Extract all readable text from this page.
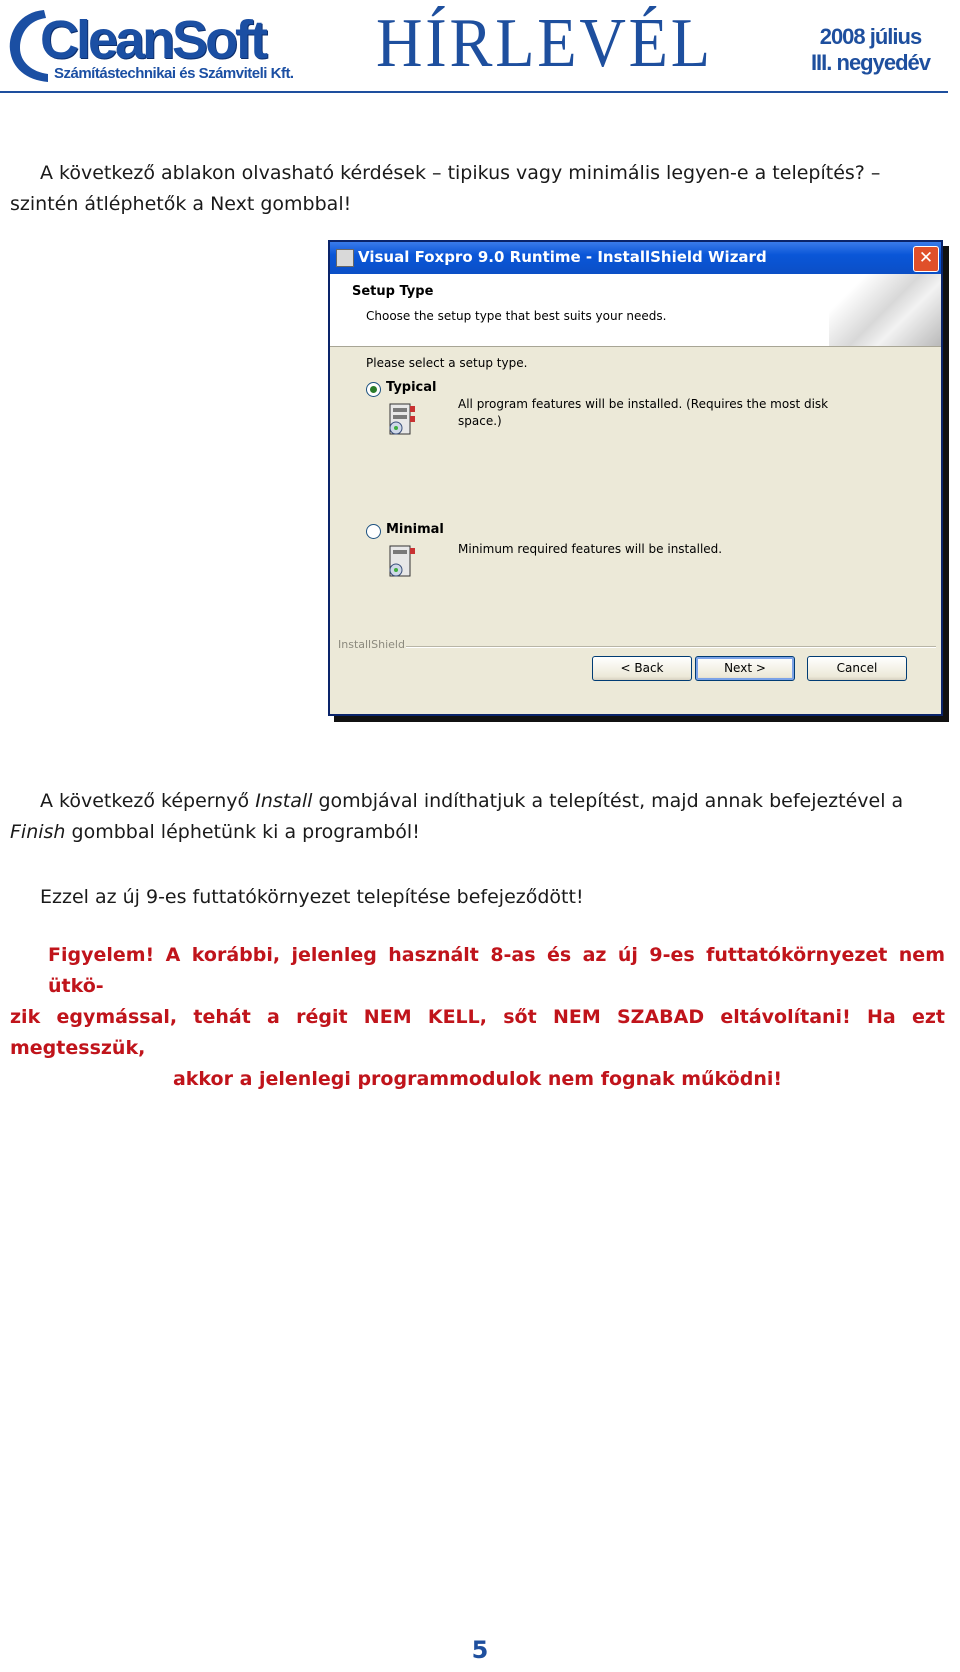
CleanSoft
Számítástechnikai és Számviteli Kft. HÍRLEVÉL	2008 július
III. negyedév
A következő ablakon olvasható kérdések – tipikus vagy minimális legyen-e a telepítés? – szintén átléphetők a Next gombbal!
Visual Foxpro 9.0 Runtime - InstallShield Wizard	✕
Setup Type
Choose the setup type that best suits your needs.
Please select a setup type.
Typical
All program features will be installed. (Requires the most disk space.)
Minimal
Minimum required features will be installed.
InstallShield
< Back	Next >	Cancel
A következő képernyő Install gombjával indíthatjuk a telepítést, majd annak befejeztével a Finish gombbal léphetünk ki a programból!
Ezzel az új 9-es futtatókörnyezet telepítése befejeződött!
Figyelem! A korábbi, jelenleg használt 8-as és az új 9-es futtatókörnyezet nem ütkö-
zik egymással, tehát a régit NEM KELL, sőt NEM SZABAD eltávolítani! Ha ezt megtesszük,
akkor a jelenlegi programmodulok nem fognak működni!
5
